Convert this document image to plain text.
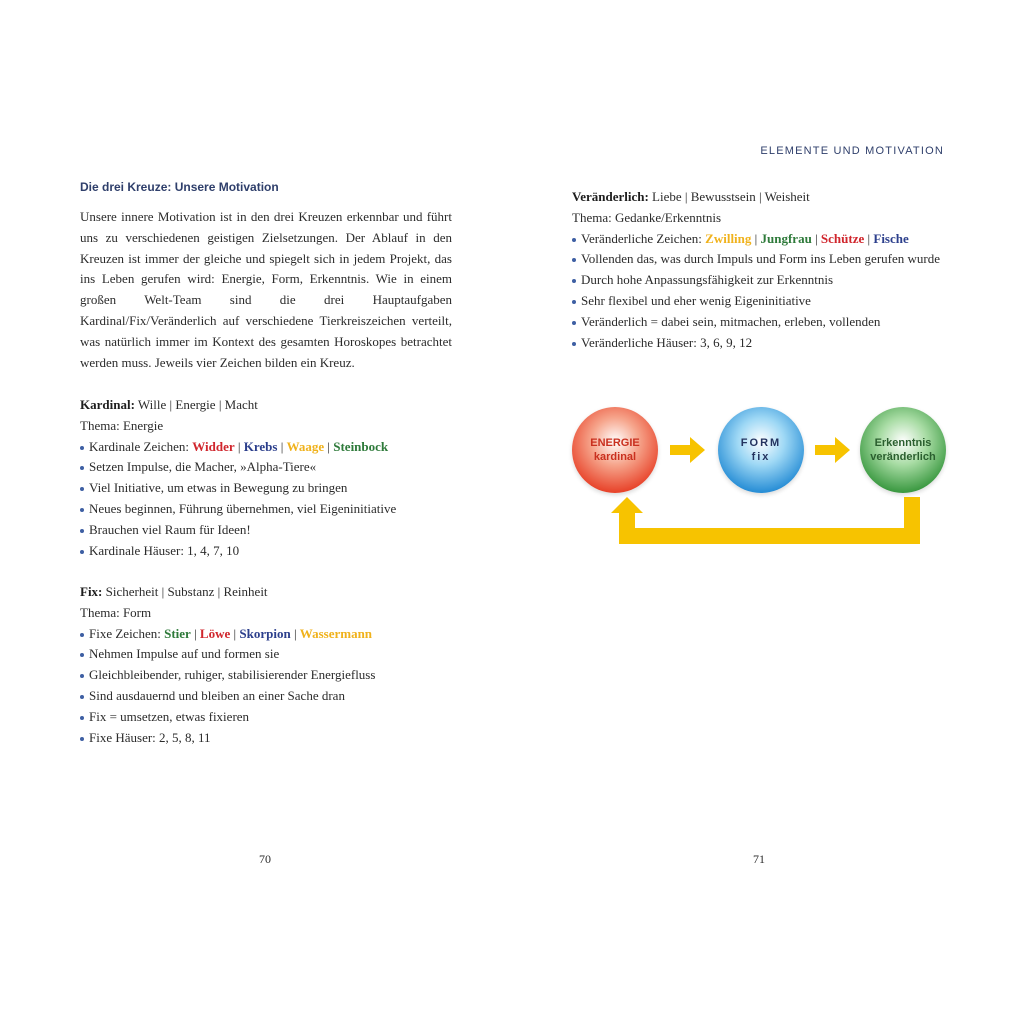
Die drei Kreuze: Unsere Motivation

Unsere innere Motivation ist in den drei Kreuzen erkennbar und führt uns zu verschiedenen geistigen Zielsetzungen. Der Ablauf in den Kreuzen ist immer der gleiche und spiegelt sich in jedem Projekt, das ins Leben gerufen wird: Energie, Form, Erkenntnis. Wie in einem großen Welt-Team sind die drei Hauptaufgaben Kardinal/Fix/Veränderlich auf verschiedene Tierkreiszeichen verteilt, was natürlich immer im Kontext des gesamten Horoskopes betrachtet werden muss. Jeweils vier Zeichen bilden ein Kreuz.

Kardinal: Wille | Energie | Macht
Thema: Energie
Kardinale Zeichen: Widder | Krebs | Waage | Steinbock
Setzen Impulse, die Macher, »Alpha-Tiere«
Viel Initiative, um etwas in Bewegung zu bringen
Neues beginnen, Führung übernehmen, viel Eigeninitiative
Brauchen viel Raum für Ideen!
Kardinale Häuser: 1, 4, 7, 10
Fix: Sicherheit | Substanz | Reinheit
Thema: Form
Fixe Zeichen: Stier | Löwe | Skorpion | Wassermann
Nehmen Impulse auf und formen sie
Gleichbleibender, ruhiger, stabilisierender Energiefluss
Sind ausdauernd und bleiben an einer Sache dran
Fix = umsetzen, etwas fixieren
Fixe Häuser: 2, 5, 8, 11
70
ELEMENTE UND MOTIVATION
Veränderlich: Liebe | Bewusstsein | Weisheit
Thema: Gedanke/Erkenntnis
Veränderliche Zeichen: Zwilling | Jungfrau | Schütze | Fische
Vollenden das, was durch Impuls und Form ins Leben gerufen wurde
Durch hohe Anpassungsfähigkeit zur Erkenntnis
Sehr flexibel und eher wenig Eigeninitiative
Veränderlich = dabei sein, mitmachen, erleben, vollenden
Veränderliche Häuser: 3, 6, 9, 12
ENERGIE
kardinal
FORM
fix
Erkenntnis
veränderlich
71
